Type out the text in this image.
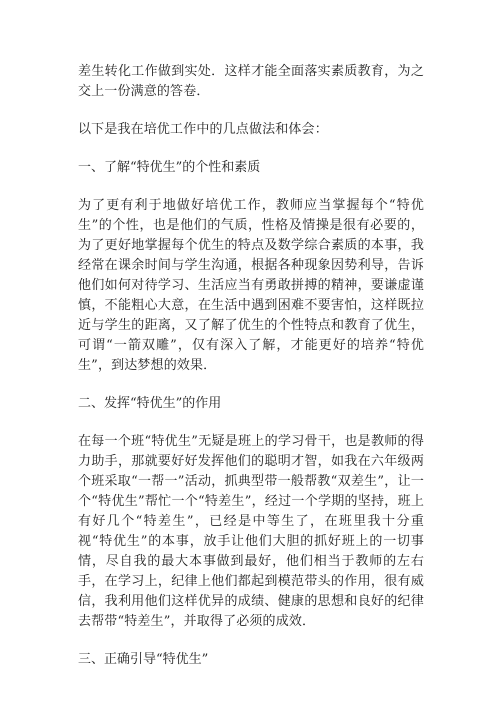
差生转化工作做到实处．这样才能全面落实素质教育，为之交上一份满意的答卷．

以下是我在培优工作中的几点做法和体会：

一、了解“特优生”的个性和素质

为了更有利于地做好培优工作，教师应当掌握每个“特优生”的个性，也是他们的气质，性格及情操是很有必要的，为了更好地掌握每个优生的特点及数学综合素质的本事，我经常在课余时间与学生沟通，根据各种现象因势利导，告诉他们如何对待学习、生活应当有勇敢拼搏的精神，要谦虚谨慎，不能粗心大意，在生活中遇到困难不要害怕，这样既拉近与学生的距离，又了解了优生的个性特点和教育了优生，可谓“一箭双雕”，仅有深入了解，才能更好的培养“特优生”，到达梦想的效果．

二、发挥“特优生”的作用

在每一个班“特优生”无疑是班上的学习骨干，也是教师的得力助手，那就要好好发挥他们的聪明才智，如我在六年级两个班采取“一帮一”活动，抓典型带一般帮教“双差生”，让一个“特优生”帮忙一个“特差生”，经过一个学期的坚持，班上有好几个“特差生”，已经是中等生了，在班里我十分重视“特优生”的本事，放手让他们大胆的抓好班上的一切事情，尽自我的最大本事做到最好，他们相当于教师的左右手，在学习上，纪律上他们都起到模范带头的作用，很有威信，我利用他们这样优异的成绩、健康的思想和良好的纪律去帮带“特差生”，并取得了必须的成效．

三、正确引导“特优生”
